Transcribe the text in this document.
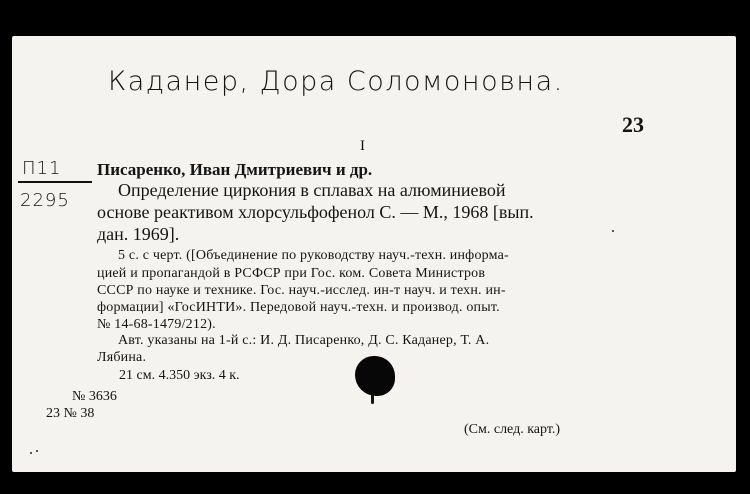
Каданер, Дора Соломоновна.
23
I
П11
2295
Писаренко, Иван Дмитриевич и др.
Определение циркония в сплавах на алюминиевой
основе реактивом хлорсульфофенол С. — М., 1968 [вып.
дан. 1969].
5 с. с черт. ([Объединение по руководству науч.-техн. информа-
цией и пропагандой в РСФСР при Гос. ком. Совета Министров
СССР по науке и технике. Гос. науч.-исслед. ин-т науч. и техн. ин-
формации] «ГосИНТИ». Передовой науч.-техн. и производ. опыт.
№ 14-68-1479/212).
Авт. указаны на 1-й с.: И. Д. Писаренко, Д. С. Каданер, Т. А.
Лябина.
21 см. 4.350 экз. 4 к.
№ 3636
23 № 38
(См. след. карт.)
